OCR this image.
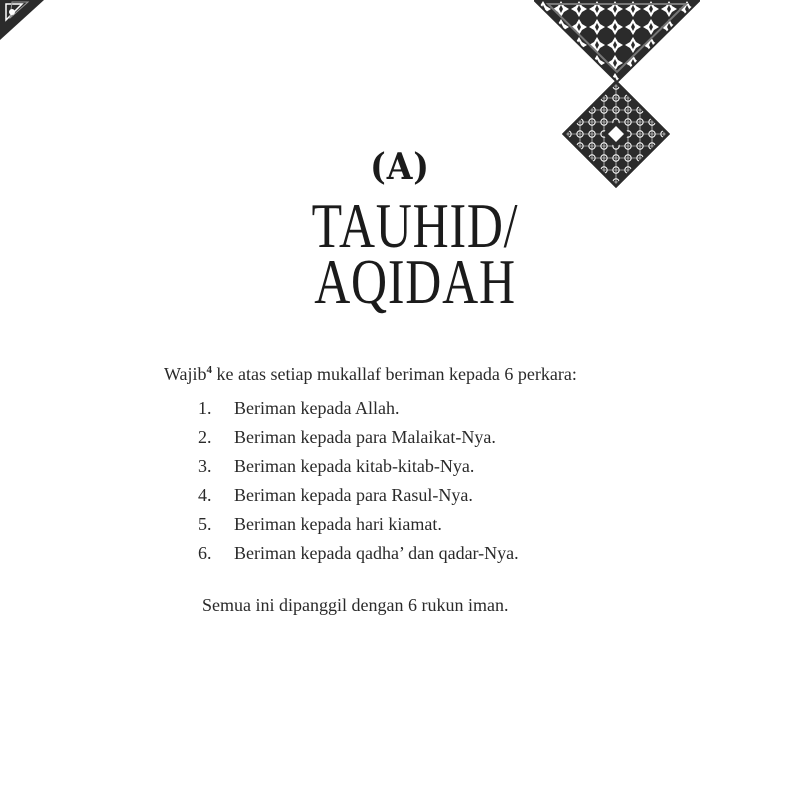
(A)
TAUHID/
AQIDAH
Wajib$^4$ ke atas setiap mukallaf beriman kepada 6 perkara:
1.	Beriman kepada Allah.
2.	Beriman kepada para Malaikat-Nya.
3.	Beriman kepada kitab-kitab-Nya.
4.	Beriman kepada para Rasul-Nya.
5.	Beriman kepada hari kiamat.
6.	Beriman kepada qadha’ dan qadar-Nya.
Semua ini dipanggil dengan 6 rukun iman.
